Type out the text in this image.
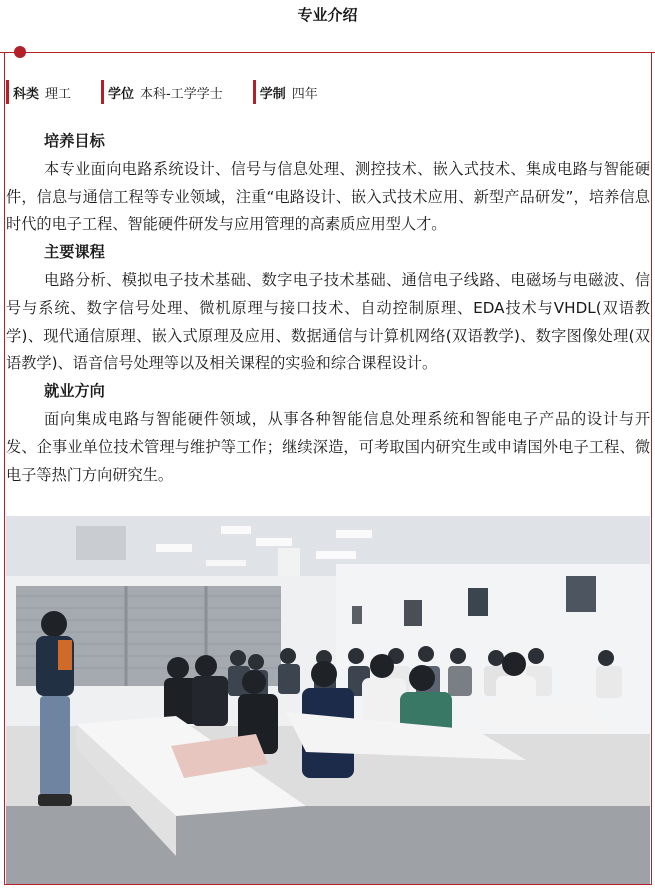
专业介绍
科类 理工	学位 本科-工学学士	学制 四年
培养目标

本专业面向电路系统设计、信号与信息处理、测控技术、嵌入式技术、集成电路与智能硬件，信息与通信工程等专业领域，注重“电路设计、嵌入式技术应用、新型产品研发”，培养信息时代的电子工程、智能硬件研发与应用管理的高素质应用型人才。

主要课程

电路分析、模拟电子技术基础、数字电子技术基础、通信电子线路、电磁场与电磁波、信号与系统、数字信号处理、微机原理与接口技术、自动控制原理、EDA技术与VHDL(双语教学)、现代通信原理、嵌入式原理及应用、数据通信与计算机网络(双语教学)、数字图像处理(双语教学)、语音信号处理等以及相关课程的实验和综合课程设计。

就业方向

面向集成电路与智能硬件领域，从事各种智能信息处理系统和智能电子产品的设计与开发、企事业单位技术管理与维护等工作；继续深造，可考取国内研究生或申请国外电子工程、微电子等热门方向研究生。
